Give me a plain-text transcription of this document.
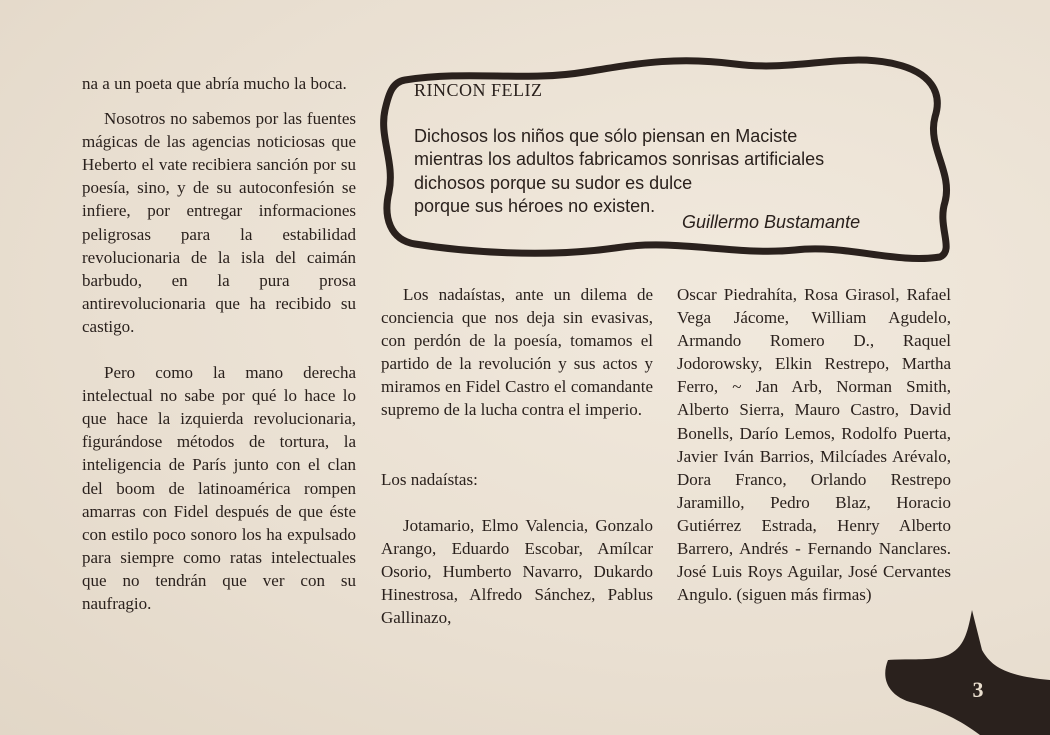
na a un poeta que abría mucho la boca.

Nosotros no sabemos por las fuentes mágicas de las agencias noticiosas que Heberto el vate recibiera sanción por su poesía, sino, y de su autoconfesión se infiere, por entregar informaciones peligrosas para la estabilidad revolucionaria de la isla del caimán barbudo, en la pura prosa antirevolucionaria que ha recibido su castigo.

Pero como la mano derecha intelectual no sabe por qué lo hace lo que hace la izquierda revolucionaria, figurándose métodos de tortura, la inteligencia de París junto con el clan del boom de latinoamérica rompen amarras con Fidel después de que éste con estilo poco sonoro los ha expulsado para siempre como ratas intelectuales que no tendrán que ver con su naufragio.

RINCON FELIZ

Dichosos los niños que sólo piensan en Maciste

mientras los adultos fabricamos sonrisas artificiales

dichosos porque su sudor es dulce

porque sus héroes no existen.

Guillermo Bustamante

Los nadaístas, ante un dilema de conciencia que nos deja sin evasivas, con perdón de la poesía, tomamos el partido de la revolución y sus actos y miramos en Fidel Castro el comandante supremo de la lucha contra el imperio.

Los nadaístas:

Jotamario, Elmo Valencia, Gonzalo Arango, Eduardo Escobar, Amílcar Osorio, Humberto Navarro, Dukardo Hinestrosa, Alfredo Sánchez, Pablus Gallinazo,

Oscar Piedrahíta, Rosa Girasol, Rafael Vega Jácome, William Agudelo, Armando Romero D., Raquel Jodorowsky, Elkin Restrepo, Martha Ferro, ~ Jan Arb, Norman Smith, Alberto Sierra, Mauro Castro, David Bonells, Darío Lemos, Rodolfo Puerta, Javier Iván Barrios, Milcíades Arévalo, Dora Franco, Orlando Restrepo Jaramillo, Pedro Blaz, Horacio Gutiérrez Estrada, Henry Alberto Barrero, Andrés - Fernando Nanclares. José Luis Roys Aguilar, José Cervantes Angulo. (siguen más firmas)

3
